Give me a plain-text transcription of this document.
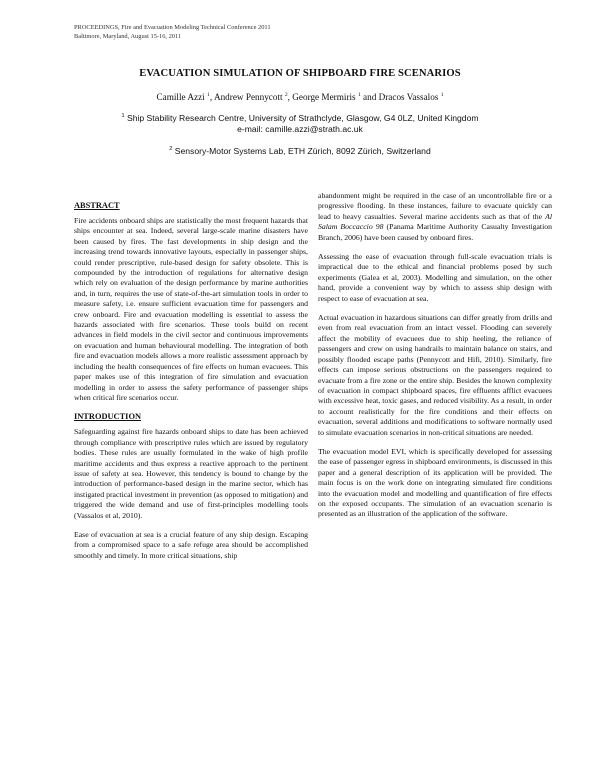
PROCEEDINGS, Fire and Evacuation Modeling Technical Conference 2011
Baltimore, Maryland, August 15-16, 2011
EVACUATION SIMULATION OF SHIPBOARD FIRE SCENARIOS
Camille Azzi $^1$, Andrew Pennycott $^2$, George Mermiris $^1$ and Dracos Vassalos $^1$
$^1$ Ship Stability Research Centre, University of Strathclyde, Glasgow, G4 0LZ, United Kingdom
e-mail: camille.azzi@strath.ac.uk
$^2$ Sensory-Motor Systems Lab, ETH Zürich, 8092 Zürich, Switzerland
ABSTRACT

Fire accidents onboard ships are statistically the most frequent hazards that ships encounter at sea. Indeed, several large-scale marine disasters have been caused by fires. The fast developments in ship design and the increasing trend towards innovative layouts, especially in passenger ships, could render prescriptive, rule-based design for safety obsolete. This is compounded by the introduction of regulations for alternative design which rely on evaluation of the design performance by marine authorities and, in turn, requires the use of state-of-the-art simulation tools in order to measure safety, i.e. ensure sufficient evacuation time for passengers and crew onboard. Fire and evacuation modelling is essential to assess the hazards associated with fire scenarios. These tools build on recent advances in field models in the civil sector and continuous improvements on evacuation and human behavioural modelling. The integration of both fire and evacuation models allows a more realistic assessment approach by including the health consequences of fire effects on human evacuees. This paper makes use of this integration of fire simulation and evacuation modelling in order to assess the safety performance of passenger ships when critical fire scenarios occur.

INTRODUCTION

Safeguarding against fire hazards onboard ships to date has been achieved through compliance with prescriptive rules which are issued by regulatory bodies. These rules are usually formulated in the wake of high profile maritime accidents and thus express a reactive approach to the pertinent issue of safety at sea. However, this tendency is bound to change by the introduction of performance-based design in the marine sector, which has instigated practical investment in prevention (as opposed to mitigation) and triggered the wide demand and use of first-principles modelling tools (Vassalos et al, 2010).

Ease of evacuation at sea is a crucial feature of any ship design. Escaping from a compromised space to a safe refuge area should be accomplished smoothly and timely. In more critical situations, ship

abandonment might be required in the case of an uncontrollable fire or a progressive flooding. In these instances, failure to evacuate quickly can lead to heavy casualties. Several marine accidents such as that of the Al Salam Boccaccio 98 (Panama Maritime Authority Casualty Investigation Branch, 2006) have been caused by onboard fires.

Assessing the ease of evacuation through full-scale evacuation trials is impractical due to the ethical and financial problems posed by such experiments (Galea et al, 2003). Modelling and simulation, on the other hand, provide a convenient way by which to assess ship design with respect to ease of evacuation at sea.

Actual evacuation in hazardous situations can differ greatly from drills and even from real evacuation from an intact vessel. Flooding can severely affect the mobility of evacuees due to ship heeling, the reliance of passengers and crew on using handrails to maintain balance on stairs, and possibly flooded escape paths (Pennycott and Hifi, 2010). Similarly, fire effects can impose serious obstructions on the passengers required to evacuate from a fire zone or the entire ship. Besides the known complexity of evacuation in compact shipboard spaces, fire effluents afflict evacuees with excessive heat, toxic gases, and reduced visibility. As a result, in order to account realistically for the fire conditions and their effects on evacuation, several additions and modifications to software normally used to simulate evacuation scenarios in non-critical situations are needed.

The evacuation model EVI, which is specifically developed for assessing the ease of passenger egress in shipboard environments, is discussed in this paper and a general description of its application will be provided. The main focus is on the work done on integrating simulated fire conditions into the evacuation model and modelling and quantification of fire effects on the exposed occupants. The simulation of an evacuation scenario is presented as an illustration of the application of the software.
